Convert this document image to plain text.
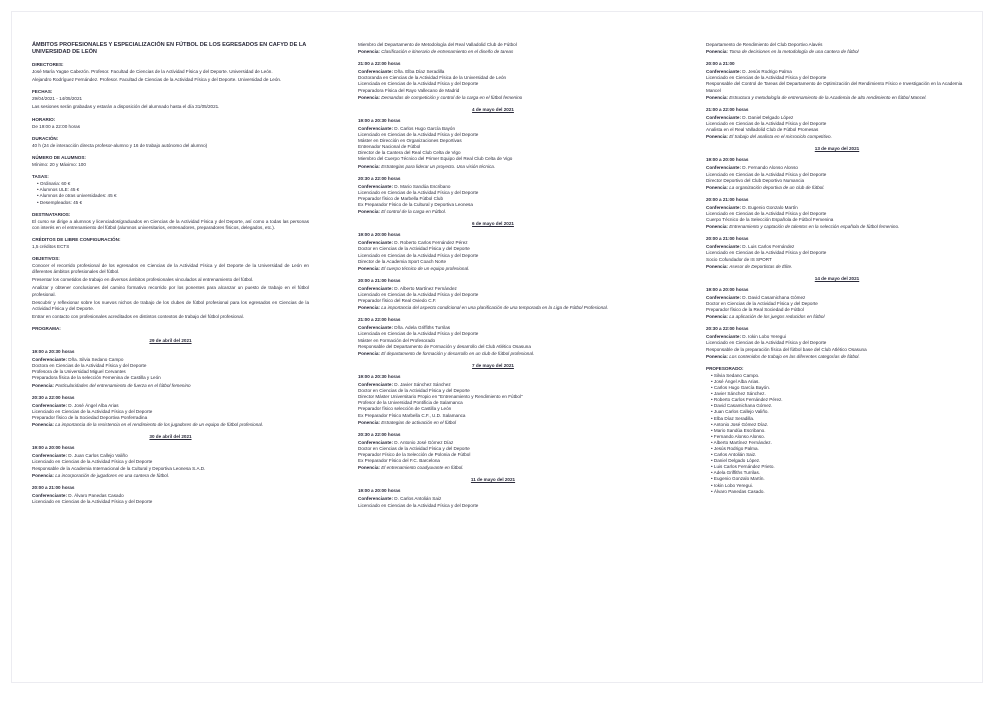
ÁMBITOS PROFESIONALES Y ESPECIALIZACIÓN EN FÚTBOL DE LOS EGRESADOS EN CAFYD DE LA UNIVERSIDAD DE LEÓN
DIRECTORES:
José María Yagüe Cabezón. Profesor. Facultad de Ciencias de la Actividad Física y del Deporte. Universidad de León.
Alejandro Rodríguez Fernández. Profesor. Facultad de Ciencias de la Actividad Física y del Deporte. Universidad de León.
FECHAS:
29/04/2021 - 14/05/2021
Las sesiones serán grabadas y estarán a disposición del alumnado hasta el día 31/05/2021.
HORARIO:
De 19:00 a 22:00 horas
DURACIÓN:
40 h (24 de interacción directa profesor-alumno y 16 de trabajo autónomo del alumno)
NÚMERO DE ALUMNOS:
Mínimo: 20 y Máximo: 100
TASAS:
• Ordinaria: 60 €
• Alumnos ULE: 45 €
• Alumnos de otras universidades: 45 €
• Desempleados: 45 €
DESTINATARIOS:
El curso se dirige a alumnos y licenciados/graduados en Ciencias de la Actividad Física y del Deporte, así como a todas las personas con interés en el entrenamiento del fútbol (alumnos universitarios, entrenadores, preparadores físicos, delegados, etc.).
CRÉDITOS DE LIBRE CONFIGURACIÓN:
1,5 créditos ECTS
OBJETIVOS:
Conocer el recorrido profesional de los egresados en Ciencias de la Actividad Física y del Deporte de la Universidad de León en diferentes ámbitos profesionales del fútbol.
Presentar los cometidos de trabajo en diversos ámbitos profesionales vinculados al entrenamiento del fútbol.
Analizar y obtener conclusiones del camino formativo recorrido por los ponentes para alcanzar un puesto de trabajo en el fútbol profesional.
Descubrir y reflexionar sobre los nuevos nichos de trabajo de los clubes de fútbol profesional para los egresados en Ciencias de la Actividad Física y del Deporte.
Entrar en contacto con profesionales acreditados en distintos contextos de trabajo del fútbol profesional.
PROGRAMA:
29 de abril del 2021
19:00 a 20:30 horas
Conferenciante: Dña. Silvia Sedano Campo
Doctora en Ciencias de la Actividad Física y del Deporte
Profesora de la Universidad Miguel Cervantes
Preparadora física de la selección Femenina de Castilla y León
Ponencia: Particularidades del entrenamiento de fuerza en el fútbol femenino
20:30 a 22:00 horas
Conferenciante: D. José Ángel Alba Arias
Licenciado en Ciencias de la Actividad Física y del Deporte
Preparador físico de la Sociedad Deportiva Ponferradina
Ponencia: La importancia de la resistencia en el rendimiento de los jugadores de un equipo de fútbol profesional.
30 de abril del 2021
19:00 a 20:00 horas
Conferenciante: D. Juan Carlos Callejo Valiño
Licenciado en Ciencias de la Actividad Física y del Deporte
Responsable de la Academia Internacional de la Cultural y Deportiva Leonesa S.A.D.
Ponencia: La incorporación de jugadores en una cantera de fútbol.
20:00 a 21:00 horas
Conferenciante: D. Álvaro Panedas Casado
Licenciado en Ciencias de la Actividad Física y del Deporte
Miembro del Departamento de Metodología del Real Valladolid Club de Fútbol
Ponencia: Clasificación e itinerario de entrenamiento en el diseño de tareas
21:00 a 22:00 horas
Conferenciante: Dña. Elba Díaz Seradilla
Doctoranda en Ciencias de la Actividad Física de la Universidad de León
Licenciada en Ciencias de la Actividad Física y del Deporte
Preparadora Física del Rayo Vallecano de Madrid
Ponencia: Demandas de competición y control de la carga en el fútbol femenino
4 de mayo del 2021
19:00 a 20:30 horas
Conferenciante: D. Carlos Hugo García Bayón
Licenciado en Ciencias de la Actividad Física y del Deporte
Máster en Dirección en Organizaciones Deportivas
Entrenador Nacional de Fútbol
Director de la Cantera del Real Club Celta de Vigo
Miembro del Cuerpo Técnico del Primer Equipo del Real Club Celta de Vigo
Ponencia: Estrategias para liderar un proyecto. Una visión técnica.
20:30 a 22:00 horas
Conferenciante: D. Mario Sandúa Escribano
Licenciado en Ciencias de la Actividad Física y del Deporte
Preparador físico de Marbella Fútbol Club
Ex Preparador Físico de la Cultural y Deportiva Leonesa
Ponencia: El control de la carga en Fútbol.
6 de mayo del 2021
19:00 a 20:00 horas
Conferenciante: D. Roberto Carlos Fernández Pérez
Doctor en Ciencias de la Actividad Física y del Deporte
Licenciado en Ciencias de la Actividad Física y del Deporte
Director de la Academia Sport Coach Norte
Ponencia: El cuerpo técnico de un equipo profesional.
20:00 a 21:00 horas
Conferenciante: D. Alberto Martínez Fernández
Licenciado en Ciencias de la Actividad Física y del Deporte
Preparador físico del Real Oviedo C.F.
Ponencia: La importancia del aspecto condicional en una planificación de una temporada en la Liga de Fútbol Profesional.
21:00 a 22:00 horas
Conferenciante: Dña. Adela Griffiths Turrilas
Licenciada en Ciencias de la Actividad Física y del Deporte
Máster en Formación del Profesorado
Responsable del Departamento de Formación y desarrollo del Club Atlético Osasuna
Ponencia: El departamento de formación y desarrollo en un club de fútbol profesional.
7 de mayo del 2021
19:00 a 20:30 horas
Conferenciante: D. Javier Sánchez Sánchez
Doctor en Ciencias de la Actividad Física y del Deporte
Director Máster Universitario Propio en "Entrenamiento y Rendimiento en Fútbol"
Profesor de la Universidad Pontificia de Salamanca
Preparador físico selección de Castilla y León
Ex Preparador Físico Marbella C.F., U.D. Salamanca
Ponencia: Estrategias de activación en el fútbol
20:30 a 22:00 horas
Conferenciante: D. Antonio José Gómez Díaz
Doctor en Ciencias de la Actividad Física y del Deporte
Preparador Físico de la Selección de Polonia de Fútbol
Ex Preparador Físico del F.C. Barcelona
Ponencia: El entrenamiento coadyuvante en fútbol.
11 de mayo del 2021
19:00 a 20:00 horas
Conferenciante: D. Carlos Antolián Saiz
Licenciado en Ciencias de la Actividad Física y del Deporte
Departamento de Rendimiento del Club Deportivo Alavés
Ponencia: Toma de decisiones en la metodología de una cantera de fútbol
20:00 a 21:00
Conferenciante: D. Jesús Rodrigo Palma
Licenciado en Ciencias de la Actividad Física y del Deporte
Responsable del Control de Tareas del Departamento de Optimización del Rendimiento Físico e Investigación en la Academia Mancel
Ponencia: Estructura y metodología de entrenamiento de la Academia de alto rendimiento en fútbol Mancel.
21:00 a 22:00 horas
Conferenciante: D. Daniel Delgado López
Licenciado en Ciencias de la Actividad Física y del Deporte
Analista en el Real Valladolid Club de Fútbol Promesas
Ponencia: El trabajo del analista en el microciclo competitivo.
13 de mayo del 2021
19:00 a 20:00 horas
Conferenciante: D. Fernando Alonso Alonso
Licenciado en Ciencias de la Actividad Física y del Deporte
Director Deportivo del Club Deportivo Numancia
Ponencia: La organización deportiva de un club de fútbol.
20:00 a 21:00 horas
Conferenciante: D. Eugenio Gonzalo Martín
Licenciado en Ciencias de la Actividad Física y del Deporte
Cuerpo Técnico de la Selección Española de Fútbol Femenina
Ponencia: Entrenamiento y captación de talentos en la selección española de fútbol femenino.
20:00 a 21:00 horas
Conferenciante: D. Luis Carlos Fernández
Licenciado en Ciencias de la Actividad Física y del Deporte
Socio Cofundador de IS SPORT
Ponencia: Asesor de Deportistas de Élite.
14 de mayo del 2021
19:00 a 20:00 horas
Conferenciante: D. David Casamichana Gómez
Doctor en Ciencias de la Actividad Física y del Deporte
Preparador físico de la Real Sociedad de Fútbol
Ponencia: La aplicación de los juegos reducidos en fútbol
20:30 a 22:00 horas
Conferenciante: D. Iokin Lobo Yeregui
Licenciado en Ciencias de la Actividad Física y del Deporte
Responsable de la preparación física del fútbol base del Club Atlético Osasuna
Ponencia: Los contenidos de trabajo en las diferentes categorías de fútbol.
PROFESORADO:
• Silvia Sedano Campo.
• José Ángel Alba Arias.
• Carlos Hugo García Bayón.
• Javier Sánchez Sánchez.
• Roberto Carlos Fernández Pérez.
• David Casamichana Gómez.
• Juan Carlos Callejo Valiño.
• Elba Díaz Seradilla.
• Antonio José Gómez Díaz.
• Mario Sandúa Escribano.
• Fernando Alonso Alonso.
• Alberto Martínez Fernández.
• Jesús Rodrigo Palma.
• Carlos Antolián Saiz.
• Daniel Delgado López.
• Luis Carlos Fernández Prieto.
• Adela Griffiths Turrilas.
• Eugenio Gonzalo Martín.
• Iokin Lobo Yeregui.
• Álvaro Panedas Casado.
